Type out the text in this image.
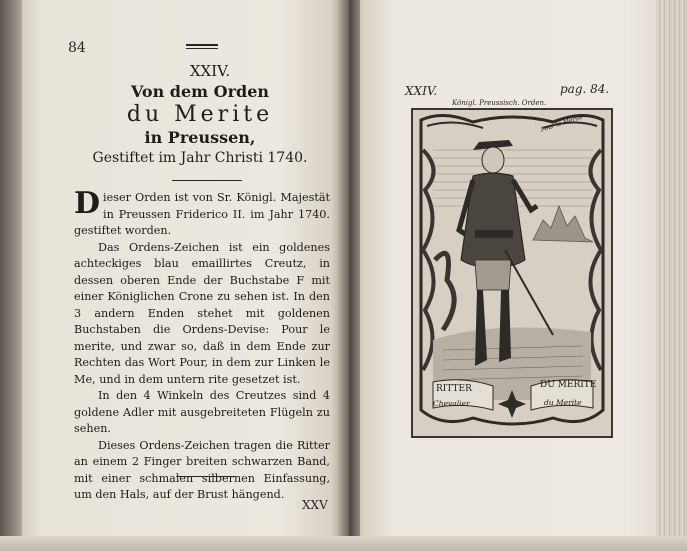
84
XXIV.
Von dem Orden
du Merite
in Preussen,
Gestiftet im Jahr Christi 1740.

Dieser Orden ist von Sr. Königl. Majestät in Preussen Friderico II. im Jahr 1740. gestiftet worden.

Das Ordens-Zeichen ist ein goldenes achteckiges blau emaillirtes Creutz, in dessen oberen Ende der Buchstabe F mit einer Königlichen Crone zu sehen ist. In den 3 andern Enden stehet mit goldenen Buchstaben die Ordens-Devise: Pour le merite, und zwar so, daß in dem Ende zur Rechten das Wort Pour, in dem zur Linken le Me, und in dem untern rite gesetzet ist.

In den 4 Winkeln des Creutzes sind 4 goldene Adler mit ausgebreiteten Flügeln zu sehen.

Dieses Ordens-Zeichen tragen die Ritter an einem 2 Finger breiten schwarzen Band, mit einer schmalen silbernen Einfassung, um den Hals, auf der Brust hängend.

XXV
XXIV.	pag. 84.
Königl. Preussisch. Orden.
Pour le Merite
RITTER
Chevalier
DU MERITE
du Merite
